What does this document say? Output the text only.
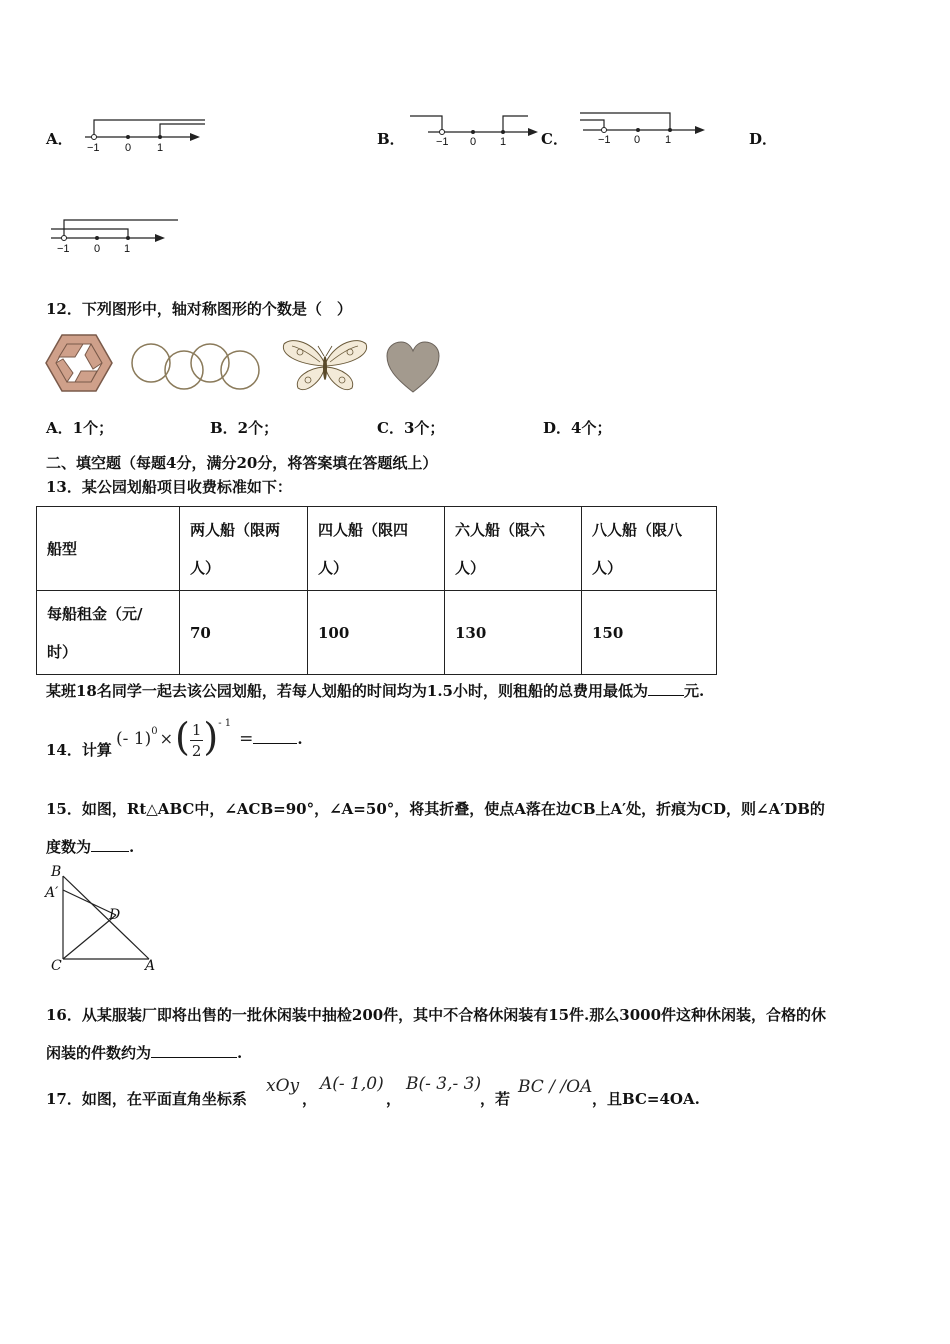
A． −1 0 1	B．	−1 0 1 C．	−1 0 1	D．
−1 0 1
12．下列图形中，轴对称图形的个数是（　）
A．1个；	B．2个；	C．3个；	D．4个；
二、填空题（每题4分，满分20分，将答案填在答题纸上）
13．某公园划船项目收费标准如下：
船型	两人船（限两
人）	四人船（限四
人）	六人船（限六
人）	八人船（限八
人）
每船租金（元/
时）	70	100	130	150
某班18名同学一起去该公园划船，若每人划船的时间均为1.5小时，则租船的总费用最低为 元.
14．计算
(- 1)$^0$ ×( $\frac{1}{2} )^{- 1}=$	.
15．如图，Rt△ABC中，∠ACB=90°，∠A=50°，将其折叠，使点A落在边CB上A′处，折痕为CD，则∠A′DB的
度数为	.
B
A′
D
C	A
16．从某服装厂即将出售的一批休闲装中抽检200件，其中不合格休闲装有15件.那么3000件这种休闲装，合格的休
闲装的件数约为	.
17．如图，在平面直角坐标系
xOy
，
A(- 1,0)
，
B(- 3,- 3)
，若
BC / /OA
，且BC=4OA.
